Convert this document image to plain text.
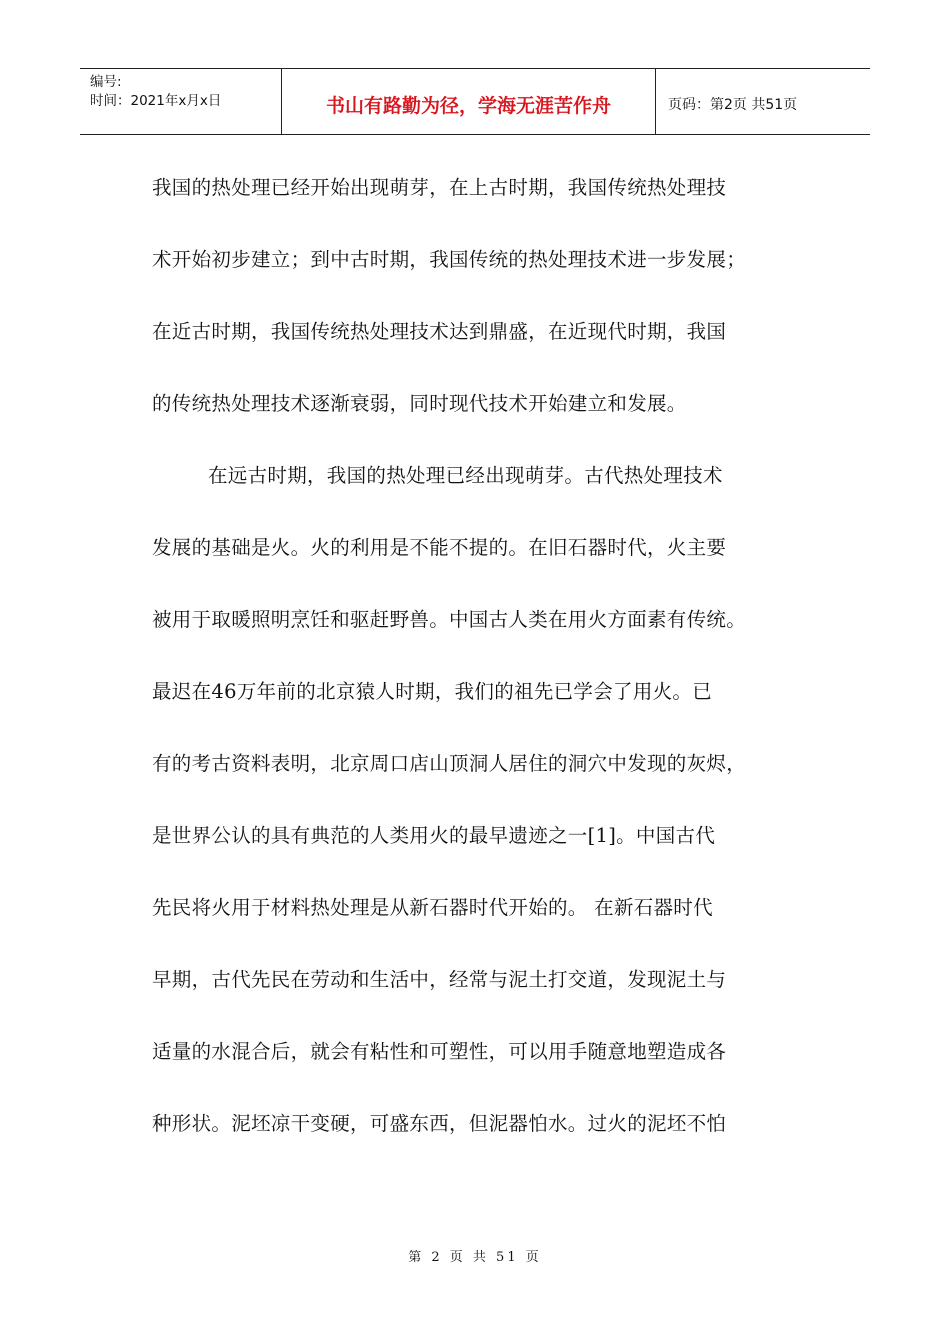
编号:
时间：2021年x月x日	书山有路勤为径，学海无涯苦作舟	页码：第2页 共51页
我国的热处理已经开始出现萌芽，在上古时期，我国传统热处理技
术开始初步建立；到中古时期，我国传统的热处理技术进一步发展；
在近古时期，我国传统热处理技术达到鼎盛，在近现代时期，我国
的传统热处理技术逐渐衰弱，同时现代技术开始建立和发展。
在远古时期，我国的热处理已经出现萌芽。古代热处理技术
发展的基础是火。火的利用是不能不提的。在旧石器时代，火主要
被用于取暖照明烹饪和驱赶野兽。中国古人类在用火方面素有传统。
最迟在46万年前的北京猿人时期，我们的祖先已学会了用火。已
有的考古资料表明，北京周口店山顶洞人居住的洞穴中发现的灰烬，
是世界公认的具有典范的人类用火的最早遗迹之一[1]。中国古代
先民将火用于材料热处理是从新石器时代开始的。 在新石器时代
早期，古代先民在劳动和生活中，经常与泥土打交道，发现泥土与
适量的水混合后，就会有粘性和可塑性，可以用手随意地塑造成各
种形状。泥坯凉干变硬，可盛东西，但泥器怕水。过火的泥坯不怕
第 2 页 共 51 页
